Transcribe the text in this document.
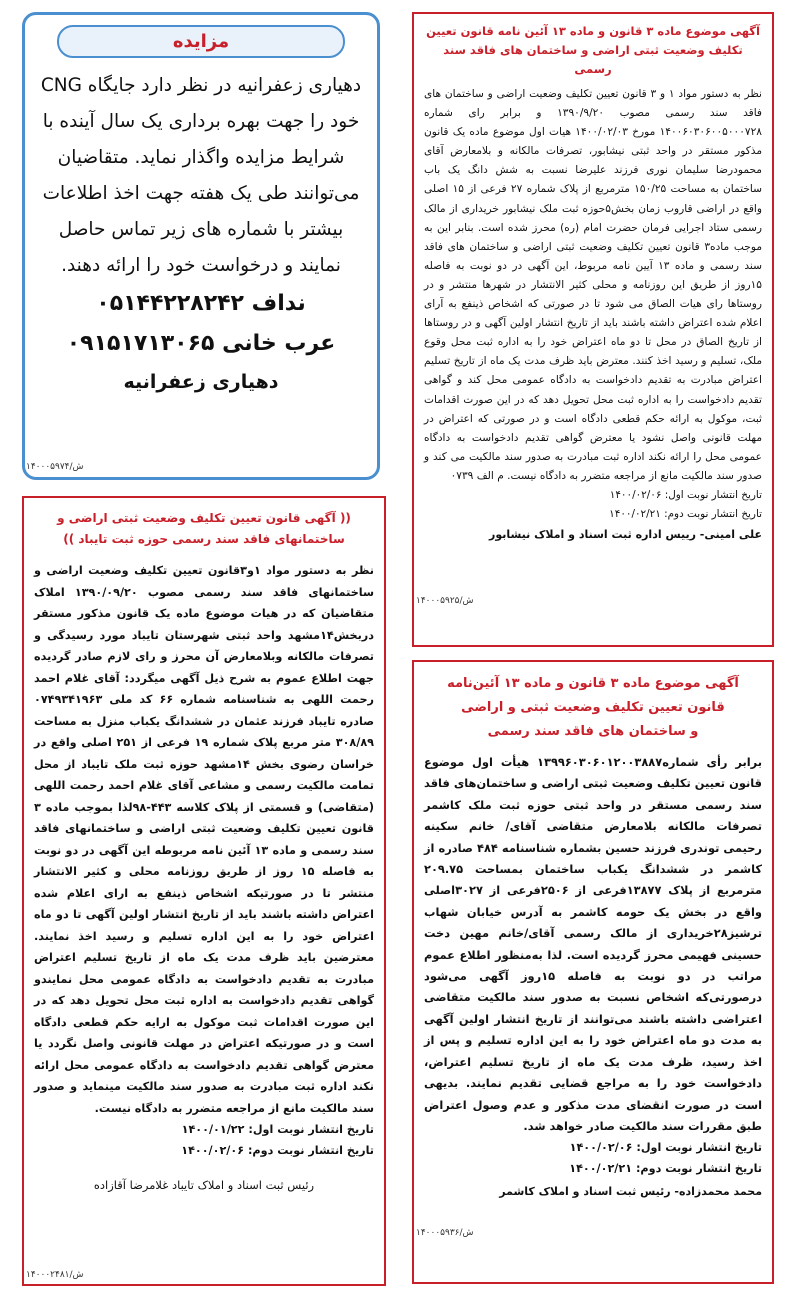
مزایده

دهیاری زعفرانیه در نظر دارد جایگاه CNG خود را جهت بهره برداری یک سال آینده با شرایط مزایده واگذار نماید. متقاضیان می‌توانند طی یک هفته جهت اخذ اطلاعات بیشتر با شماره های زیر تماس حاصل نمایند و درخواست خود را ارائه دهند.

نداف ۰۵۱۴۴۲۲۸۲۴۲

عرب خانی ۰۹۱۵۱۷۱۳۰۶۵

دهیاری زعفرانیه

۱۴۰۰۰۵۹۷۴/ش

(( آگهی قانون تعیین تکلیف وضعیت ثبتی اراضی و

ساختمانهای فاقد سند رسمی حوزه ثبت تایباد ))

نظر به دستور مواد ۱و۳قانون تعیین تکلیف وضعیت اراضی و ساختمانهای فاقد سند رسمی مصوب ۱۳۹۰/۰۹/۲۰ املاک متقاضیان که در هیات موضوع ماده یک قانون مذکور مستقر دربخش۱۴مشهد واحد ثبتی شهرستان تایباد مورد رسیدگی و تصرفات مالکانه وبلامعارض آن محرز و رای لازم صادر گردیده جهت اطلاع عموم به شرح ذیل آگهی میگردد: آقای غلام احمد رحمت اللهی به شناسنامه شماره ۶۶ کد ملی ۰۷۴۹۳۴۱۹۶۳ صادره تایباد فرزند عثمان در ششدانگ یکباب منزل به مساحت ۳۰۸/۸۹ متر مربع پلاک شماره ۱۹ فرعی از ۲۵۱ اصلی واقع در خراسان رضوی بخش ۱۴مشهد حوزه ثبت ملک تایباد از محل تمامت مالکیت رسمی و مشاعی آقای غلام احمد رحمت اللهی (متقاضی) و قسمتی از پلاک کلاسه ۴۴۳-۹۸لذا بموجب ماده ۳ قانون تعیین تکلیف وضعیت ثبتی اراضی و ساختمانهای فاقد سند رسمی و ماده ۱۳ آئین نامه مربوطه این آگهی در دو نوبت به فاصله ۱۵ روز از طریق روزنامه محلی و کثیر الانتشار منتشر تا در صورتیکه اشخاص ذینفع به ارای اعلام شده اعتراض داشته باشند باید از تاریخ انتشار اولین آگهی تا دو ماه اعتراض خود را به این اداره تسلیم و رسید اخذ نمایند. معترضین باید ظرف مدت یک ماه از تاریخ تسلیم اعتراض مبادرت به تقدیم دادخواست به دادگاه عمومی محل نمایندو گواهی تقدیم دادخواست به اداره ثبت محل تحویل دهد که در این صورت اقدامات ثبت موکول به ارایه حکم قطعی دادگاه است و در صورتیکه اعتراض در مهلت قانونی واصل نگردد یا معترض گواهی تقدیم دادخواست به دادگاه عمومی محل ارائه نکند اداره ثبت مبادرت به صدور سند مالکیت مینماید و صدور سند مالکیت مانع از مراجعه متضرر به دادگاه نیست.

تاریخ انتشار نوبت اول: ۱۴۰۰/۰۱/۲۲

تاریخ انتشار نوبت دوم: ۱۴۰۰/۰۲/۰۶

رئیس ثبت اسناد و املاک تایباد غلامرضا آقازاده

۱۴۰۰۰۲۴۸۱/ش

آگهی موضوع ماده ۳ قانون و ماده ۱۳ آئین نامه قانون تعیین

تکلیف وضعیت ثبتی اراضی و ساختمان های فاقد سند رسمی

نظر به دستور مواد ۱ و ۳ قانون تعیین تکلیف وضعیت اراضی و ساختمان های فاقد سند رسمی مصوب ۱۳۹۰/۹/۲۰ و برابر رای شماره ۱۴۰۰۶۰۳۰۶۰۰۵۰۰۰۷۲۸ مورخ ۱۴۰۰/۰۲/۰۳ هیات اول موضوع ماده یک قانون مذکور مستقر در واحد ثبتی نیشابور، تصرفات مالکانه و بلامعارض آقای محمودرضا سلیمان نوری فرزند علیرضا نسبت به شش دانگ یک باب ساختمان به مساحت ۱۵۰/۲۵ مترمربع از پلاک شماره ۲۷ فرعی از ۱۵ اصلی واقع در اراضی قاروب زمان بخش۵حوزه ثبت ملک نیشابور خریداری از مالک رسمی ستاد اجرایی فرمان حضرت امام (ره) محرز شده است. بنابر این به موجب ماده۳ قانون تعیین تکلیف وضعیت ثبتی اراضی و ساختمان های فاقد سند رسمی و ماده ۱۳ آیین نامه مربوط، این آگهی در دو نوبت به فاصله ۱۵روز از طریق این روزنامه و محلی کثیر الانتشار در شهرها منتشر و در روستاها رای هیات الصاق می شود تا در صورتی که اشخاص ذینفع به آرای اعلام شده اعتراض داشته باشند باید از تاریخ انتشار اولین آگهی و در روستاها از تاریخ الصاق در محل تا دو ماه اعتراض خود را به اداره ثبت محل وقوع ملک، تسلیم و رسید اخذ کنند. معترض باید ظرف مدت یک ماه از تاریخ تسلیم اعتراض مبادرت به تقدیم دادخواست به دادگاه عمومی محل کند و گواهی تقدیم دادخواست را به اداره ثبت محل تحویل دهد که در این صورت اقدامات ثبت، موکول به ارائه حکم قطعی دادگاه است و در صورتی که اعتراض در مهلت قانونی واصل نشود یا معترض گواهی تقدیم دادخواست به دادگاه عمومی محل را ارائه نکند اداره ثبت مبادرت به صدور سند مالکیت می کند و صدور سند مالکیت مانع از مراجعه متضرر به دادگاه نیست. م الف ۰۷۳۹

تاریخ انتشار نوبت اول: ۱۴۰۰/۰۲/۰۶

تاریخ انتشار نوبت دوم: ۱۴۰۰/۰۲/۲۱

علی امینی- رییس اداره ثبت اسناد و املاک نیشابور

۱۴۰۰۰۵۹۲۵/ش

آگهی موضوع ماده ۳ قانون و ماده ۱۳ آئین‌نامه

قانون تعیین تکلیف وضعیت ثبتی و اراضی

و ساختمان های فاقد سند رسمی

برابر رأی شماره۱۳۹۹۶۰۳۰۶۰۱۲۰۰۳۸۸۷ هیأت اول موضوع قانون تعیین تکلیف وضعیت ثبتی اراضی و ساختمان‌های فاقد سند رسمی مستقر در واحد ثبتی حوزه ثبت ملک کاشمر تصرفات مالکانه بلامعارض متقاضی آقای/ خانم سکینه رحیمی توندری فرزند حسین بشماره شناسنامه ۴۸۴ صادره از کاشمر در ششدانگ یکباب ساختمان بمساحت ۲۰۹.۷۵ مترمربع از پلاک ۱۳۸۷۷فرعی از ۲۵۰۶فرعی از ۳۰۲۷اصلی واقع در بخش یک حومه کاشمر به آدرس خیابان شهاب ترشیز۲۸خریداری از مالک رسمی آقای/خانم مهین دخت حسینی فهیمی محرز گردیده است. لذا به‌منظور اطلاع عموم مراتب در دو نوبت به فاصله ۱۵روز آگهی می‌شود درصورتی‌که اشخاص نسبت به صدور سند مالکیت متقاضی اعتراضی داشته باشند می‌توانند از تاریخ انتشار اولین آگهی به مدت دو ماه اعتراض خود را به این اداره تسلیم و پس از اخذ رسید، ظرف مدت یک ماه از تاریخ تسلیم اعتراض، دادخواست خود را به مراجع قضایی تقدیم نمایند. بدیهی است در صورت انقضای مدت مذکور و عدم وصول اعتراض طبق مقررات سند مالکیت صادر خواهد شد.

تاریخ انتشار نوبت اول: ۱۴۰۰/۰۲/۰۶

تاریخ انتشار نوبت دوم: ۱۴۰۰/۰۲/۲۱

محمد محمدزاده- رئیس ثبت اسناد و املاک کاشمر

۱۴۰۰۰۵۹۳۶/ش
